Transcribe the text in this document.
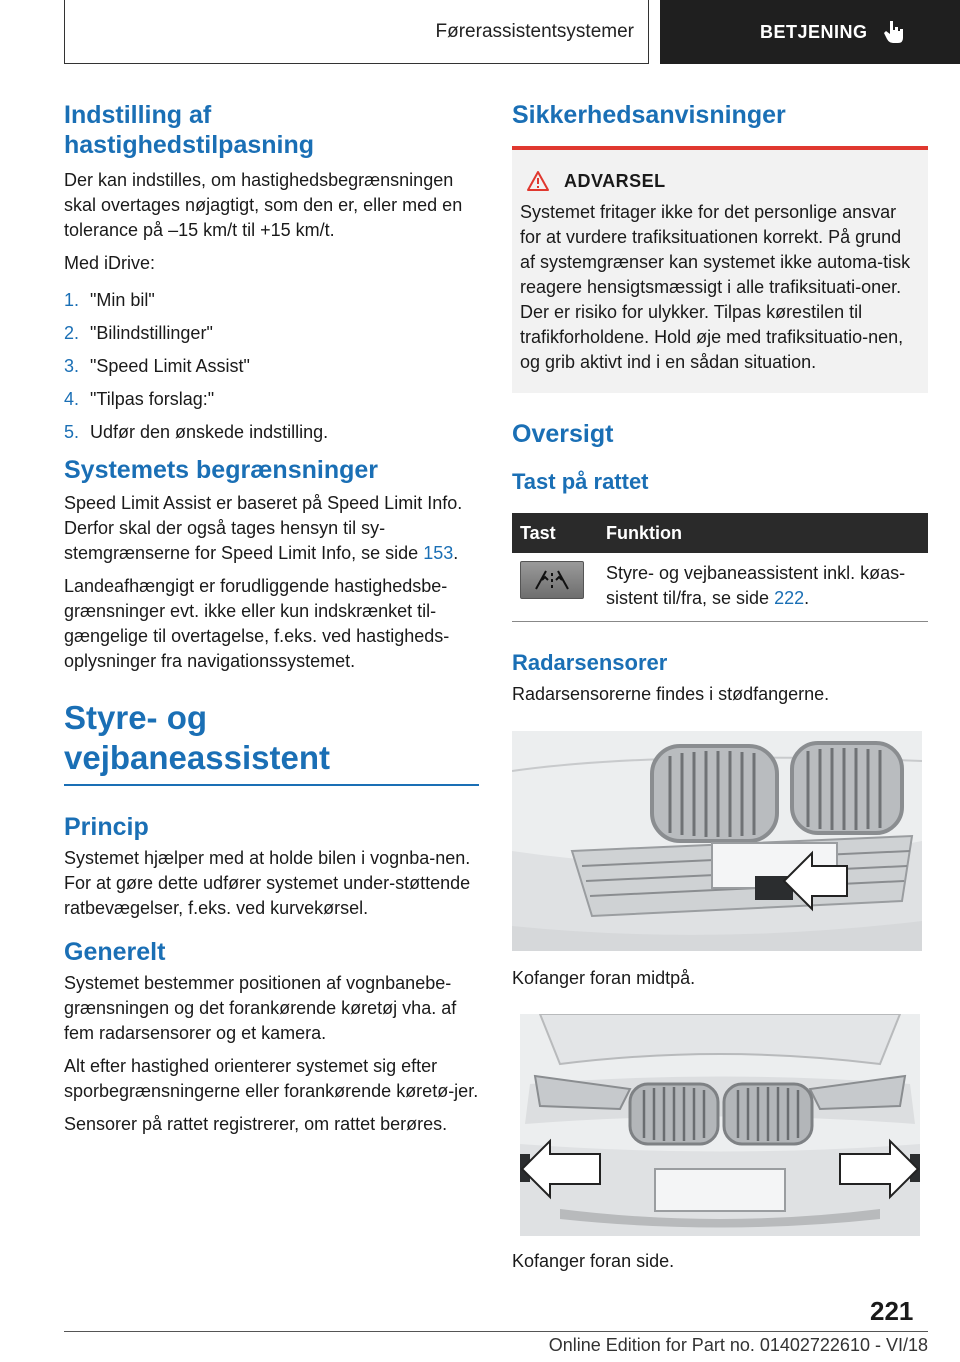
Førerassistentsystemer	BETJENING
Indstilling af hastighedstilpasning

Der kan indstilles, om hastighedsbegrænsningen skal overtages nøjagtigt, som den er, eller med en tolerance på –15 km/t til +15 km/t.

Med iDrive:

1. "Min bil"
2. "Bilindstillinger"
3. "Speed Limit Assist"
4. "Tilpas forslag:"
5. Udfør den ønskede indstilling.
Systemets begrænsninger

Speed Limit Assist er baseret på Speed Limit Info. Derfor skal der også tages hensyn til sy-stemgrænserne for Speed Limit Info, se side 153.

Landeafhængigt er forudliggende hastighedsbe-grænsninger evt. ikke eller kun indskrænket til-gængelige til overtagelse, f.eks. ved hastigheds-oplysninger fra navigationssystemet.

Styre- og vejbaneassistent
Princip

Systemet hjælper med at holde bilen i vognba-nen. For at gøre dette udfører systemet under-støttende ratbevægelser, f.eks. ved kurvekørsel.

Generelt

Systemet bestemmer positionen af vognbanebe-grænsningen og det forankørende køretøj vha. af fem radarsensorer og et kamera.

Alt efter hastighed orienterer systemet sig efter sporbegrænsningerne eller forankørende køretø-jer.

Sensorer på rattet registrerer, om rattet berøres.

Sikkerhedsanvisninger
ADVARSEL

Systemet fritager ikke for det personlige ansvar for at vurdere trafiksituationen korrekt. På grund af systemgrænser kan systemet ikke automa-tisk reagere hensigtsmæssigt i alle trafiksituati-oner. Der er risiko for ulykker. Tilpas kørestilen til trafikforholdene. Hold øje med trafiksituatio-nen, og grib aktivt ind i en sådan situation.

Oversigt
Tast på rattet
Tast	Funktion

	Styre- og vejbaneassistent inkl. køas-sistent til/fra, se side 222.
Radarsensorer

Radarsensorerne findes i stødfangerne.

Kofanger foran midtpå.

Kofanger foran side.

221
Online Edition for Part no. 01402722610 - VI/18
